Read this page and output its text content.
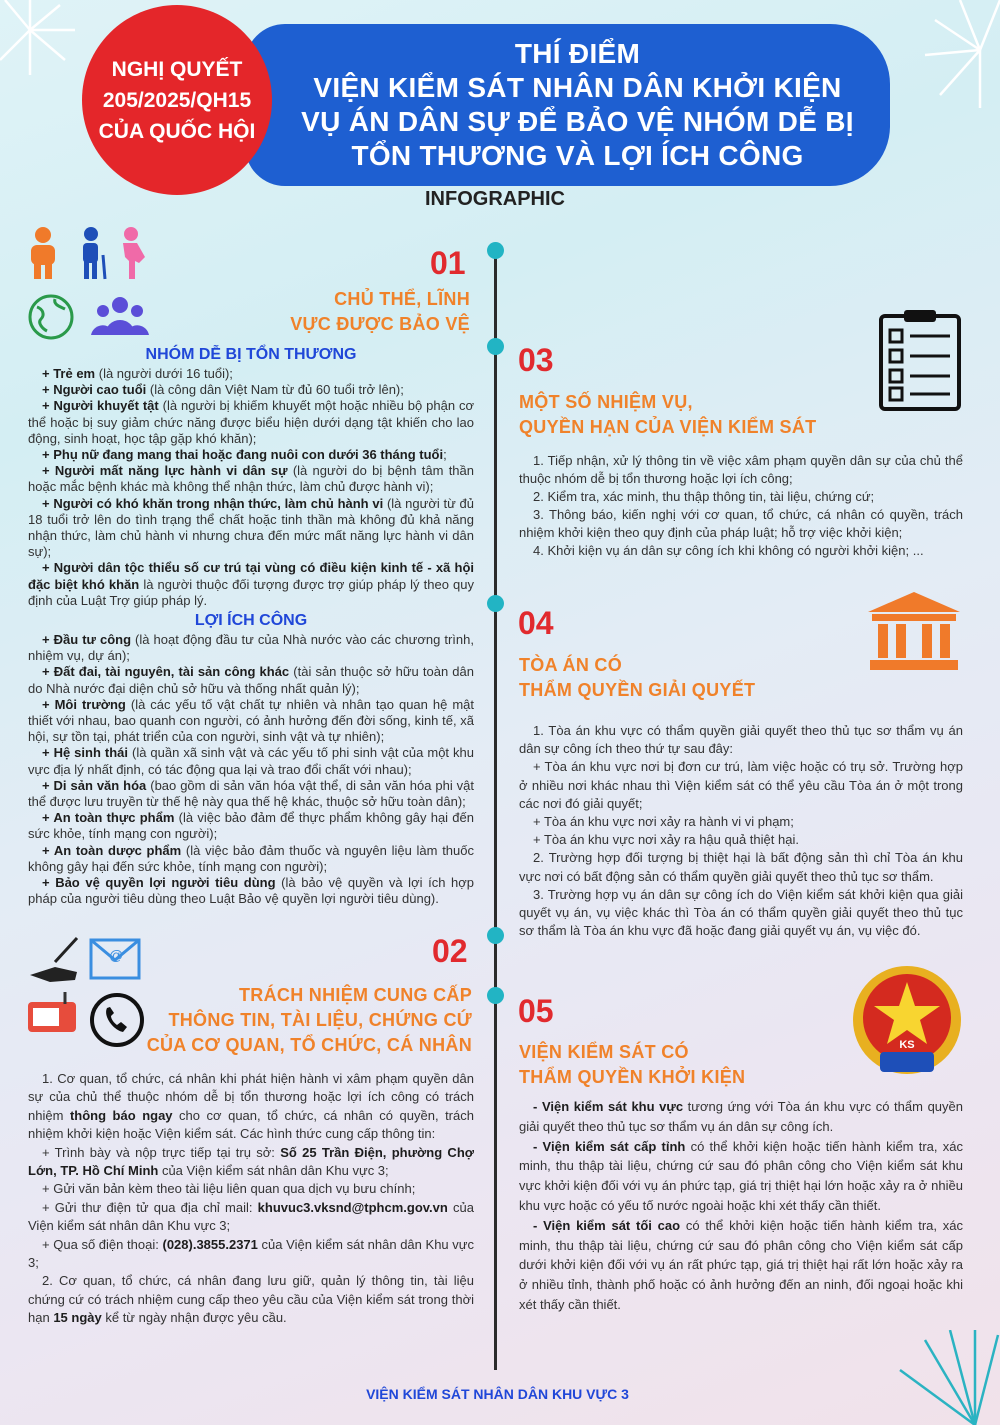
NGHỊ QUYẾT
205/2025/QH15
CỦA QUỐC HỘI
THÍ ĐIỂM
VIỆN KIỂM SÁT NHÂN DÂN KHỞI KIỆN
VỤ ÁN DÂN SỰ ĐỂ BẢO VỆ NHÓM DỄ BỊ
TỔN THƯƠNG VÀ LỢI ÍCH CÔNG
INFOGRAPHIC
01
CHỦ THỂ, LĨNH
VỰC ĐƯỢC BẢO VỆ
NHÓM DỄ BỊ TỔN THƯƠNG

+ Trẻ em (là người dưới 16 tuổi);

+ Người cao tuổi (là công dân Việt Nam từ đủ 60 tuổi trở lên);

+ Người khuyết tật (là người bị khiếm khuyết một hoặc nhiều bộ phận cơ thể hoặc bị suy giảm chức năng được biểu hiện dưới dạng tật khiến cho lao động, sinh hoạt, học tập gặp khó khăn);

+ Phụ nữ đang mang thai hoặc đang nuôi con dưới 36 tháng tuổi;

+ Người mất năng lực hành vi dân sự (là người do bị bệnh tâm thần hoặc mắc bệnh khác mà không thể nhận thức, làm chủ được hành vi);

+ Người có khó khăn trong nhận thức, làm chủ hành vi (là người từ đủ 18 tuổi trở lên do tình trạng thể chất hoặc tinh thần mà không đủ khả năng nhận thức, làm chủ hành vi nhưng chưa đến mức mất năng lực hành vi dân sự);

+ Người dân tộc thiểu số cư trú tại vùng có điều kiện kinh tế - xã hội đặc biệt khó khăn là người thuộc đối tượng được trợ giúp pháp lý theo quy định của Luật Trợ giúp pháp lý.

LỢI ÍCH CÔNG

+ Đầu tư công (là hoạt động đầu tư của Nhà nước vào các chương trình, nhiệm vụ, dự án);

+ Đất đai, tài nguyên, tài sản công khác (tài sản thuộc sở hữu toàn dân do Nhà nước đại diện chủ sở hữu và thống nhất quản lý);

+ Môi trường (là các yếu tố vật chất tự nhiên và nhân tạo quan hệ mật thiết với nhau, bao quanh con người, có ảnh hưởng đến đời sống, kinh tế, xã hội, sự tồn tại, phát triển của con người, sinh vật và tự nhiên);

+ Hệ sinh thái (là quần xã sinh vật và các yếu tố phi sinh vật của một khu vực địa lý nhất định, có tác động qua lại và trao đổi chất với nhau);

+ Di sản văn hóa (bao gồm di sản văn hóa vật thể, di sản văn hóa phi vật thể được lưu truyền từ thế hệ này qua thế hệ khác, thuộc sở hữu toàn dân);

+ An toàn thực phẩm (là việc bảo đảm để thực phẩm không gây hại đến sức khỏe, tính mạng con người);

+ An toàn dược phẩm (là việc bảo đảm thuốc và nguyên liệu làm thuốc không gây hại đến sức khỏe, tính mạng con người);

+ Bảo vệ quyền lợi người tiêu dùng (là bảo vệ quyền và lợi ích hợp pháp của người tiêu dùng theo Luật Bảo vệ quyền lợi người tiêu dùng).

@	02
TRÁCH NHIỆM CUNG CẤP
THÔNG TIN, TÀI LIỆU, CHỨNG CỨ
CỦA CƠ QUAN, TỔ CHỨC, CÁ NHÂN

1. Cơ quan, tổ chức, cá nhân khi phát hiện hành vi xâm phạm quyền dân sự của chủ thể thuộc nhóm dễ bị tổn thương hoặc lợi ích công có trách nhiệm thông báo ngay cho cơ quan, tổ chức, cá nhân có quyền, trách nhiệm khởi kiện hoặc Viện kiểm sát. Các hình thức cung cấp thông tin:

+ Trình bày và nộp trực tiếp tại trụ sở: Số 25 Trần Điện, phường Chợ Lớn, TP. Hồ Chí Minh của Viện kiểm sát nhân dân Khu vực 3;

+ Gửi văn bản kèm theo tài liệu liên quan qua dịch vụ bưu chính;

+ Gửi thư điện tử qua địa chỉ mail: khuvuc3.vksnd@tphcm.gov.vn của Viện kiểm sát nhân dân Khu vực 3;

+ Qua số điện thoại: (028).3855.2371 của Viện kiểm sát nhân dân Khu vực 3;

2. Cơ quan, tổ chức, cá nhân đang lưu giữ, quản lý thông tin, tài liệu chứng cứ có trách nhiệm cung cấp theo yêu cầu của Viện kiểm sát trong thời hạn 15 ngày kể từ ngày nhận được yêu cầu.

03
MỘT SỐ NHIỆM VỤ,
QUYỀN HẠN CỦA VIỆN KIỂM SÁT

1. Tiếp nhận, xử lý thông tin về việc xâm phạm quyền dân sự của chủ thể thuộc nhóm dễ bị tổn thương hoặc lợi ích công;

2. Kiểm tra, xác minh, thu thập thông tin, tài liệu, chứng cứ;

3. Thông báo, kiến nghị với cơ quan, tổ chức, cá nhân có quyền, trách nhiệm khởi kiện theo quy định của pháp luật; hỗ trợ việc khởi kiện;

4. Khởi kiện vụ án dân sự công ích khi không có người khởi kiện; ...

04
TÒA ÁN CÓ
THẨM QUYỀN GIẢI QUYẾT

1. Tòa án khu vực có thẩm quyền giải quyết theo thủ tục sơ thẩm vụ án dân sự công ích theo thứ tự sau đây:

+ Tòa án khu vực nơi bị đơn cư trú, làm việc hoặc có trụ sở. Trường hợp ở nhiều nơi khác nhau thì Viện kiểm sát có thể yêu cầu Tòa án ở một trong các nơi đó giải quyết;

+ Tòa án khu vực nơi xảy ra hành vi vi phạm;

+ Tòa án khu vực nơi xảy ra hậu quả thiệt hại.

2. Trường hợp đối tượng bị thiệt hại là bất động sản thì chỉ Tòa án khu vực nơi có bất động sản có thẩm quyền giải quyết theo thủ tục sơ thẩm.

3. Trường hợp vụ án dân sự công ích do Viện kiểm sát khởi kiện qua giải quyết vụ án, vụ việc khác thì Tòa án có thẩm quyền giải quyết theo thủ tục sơ thẩm là Tòa án khu vực đã hoặc đang giải quyết vụ án, vụ việc đó.

KS
05
VIỆN KIỂM SÁT CÓ
THẨM QUYỀN KHỞI KIỆN

- Viện kiểm sát khu vực tương ứng với Tòa án khu vực có thẩm quyền giải quyết theo thủ tục sơ thẩm vụ án dân sự công ích.

- Viện kiểm sát cấp tỉnh có thể khởi kiện hoặc tiến hành kiểm tra, xác minh, thu thập tài liệu, chứng cứ sau đó phân công cho Viện kiểm sát khu vực khởi kiện đối với vụ án phức tạp, giá trị thiệt hại lớn hoặc xảy ra ở nhiều khu vực hoặc có yếu tố nước ngoài hoặc khi xét thấy cần thiết.

- Viện kiểm sát tối cao có thể khởi kiện hoặc tiến hành kiểm tra, xác minh, thu thập tài liệu, chứng cứ sau đó phân công cho Viện kiểm sát cấp dưới khởi kiện đối với vụ án rất phức tạp, giá trị thiệt hại rất lớn hoặc xảy ra ở nhiều tỉnh, thành phố hoặc có ảnh hưởng đến an ninh, đối ngoại hoặc khi xét thấy cần thiết.

VIỆN KIỂM SÁT NHÂN DÂN KHU VỰC 3
